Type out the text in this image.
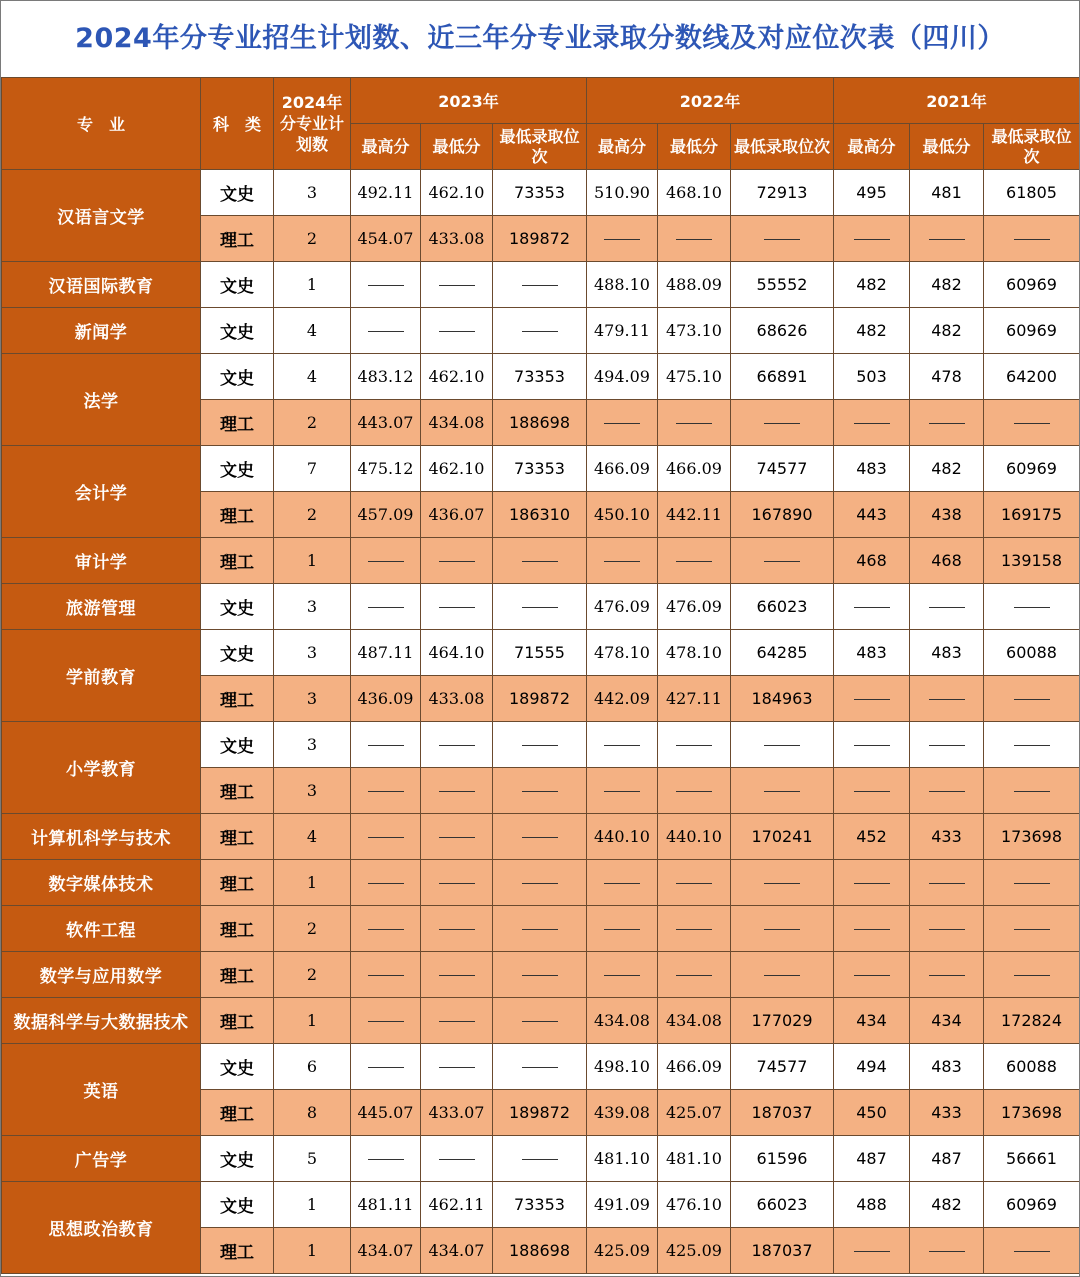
2024年分专业招生计划数、近三年分专业录取分数线及对应位次表（四川）
专　业	科　类	2024年分专业计划数	2023年			2022年			2021年		
			最高分	最低分	最低录取位次	最高分	最低分	最低录取位次	最高分	最低分	最低录取位次
汉语言文学	文史	3	492.11	462.10	73353	510.90	468.10	72913	495	481	61805
	理工	2	454.07	433.08	189872						
汉语国际教育	文史	1				488.10	488.09	55552	482	482	60969
新闻学	文史	4				479.11	473.10	68626	482	482	60969
法学	文史	4	483.12	462.10	73353	494.09	475.10	66891	503	478	64200
	理工	2	443.07	434.08	188698						
会计学	文史	7	475.12	462.10	73353	466.09	466.09	74577	483	482	60969
	理工	2	457.09	436.07	186310	450.10	442.11	167890	443	438	169175
审计学	理工	1							468	468	139158
旅游管理	文史	3				476.09	476.09	66023			
学前教育	文史	3	487.11	464.10	71555	478.10	478.10	64285	483	483	60088
	理工	3	436.09	433.08	189872	442.09	427.11	184963			
小学教育	文史	3									
	理工	3									
计算机科学与技术	理工	4				440.10	440.10	170241	452	433	173698
数字媒体技术	理工	1									
软件工程	理工	2									
数学与应用数学	理工	2									
数据科学与大数据技术	理工	1				434.08	434.08	177029	434	434	172824
英语	文史	6				498.10	466.09	74577	494	483	60088
	理工	8	445.07	433.07	189872	439.08	425.07	187037	450	433	173698
广告学	文史	5				481.10	481.10	61596	487	487	56661
思想政治教育	文史	1	481.11	462.11	73353	491.09	476.10	66023	488	482	60969
	理工	1	434.07	434.07	188698	425.09	425.09	187037			
